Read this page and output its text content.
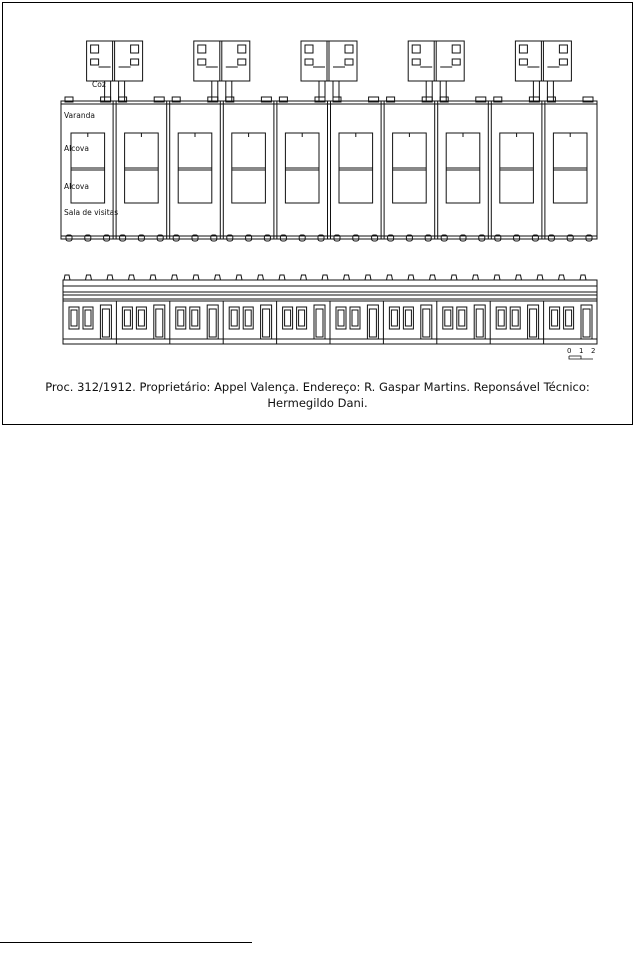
Coz
Varanda
Alcova
Alcova
Sala de visitas
0 1 2
Proc. 312/1912. Proprietário: Appel Valença. Endereço: R. Gaspar Martins. Reponsável Técnico:
Hermegildo Dani.
